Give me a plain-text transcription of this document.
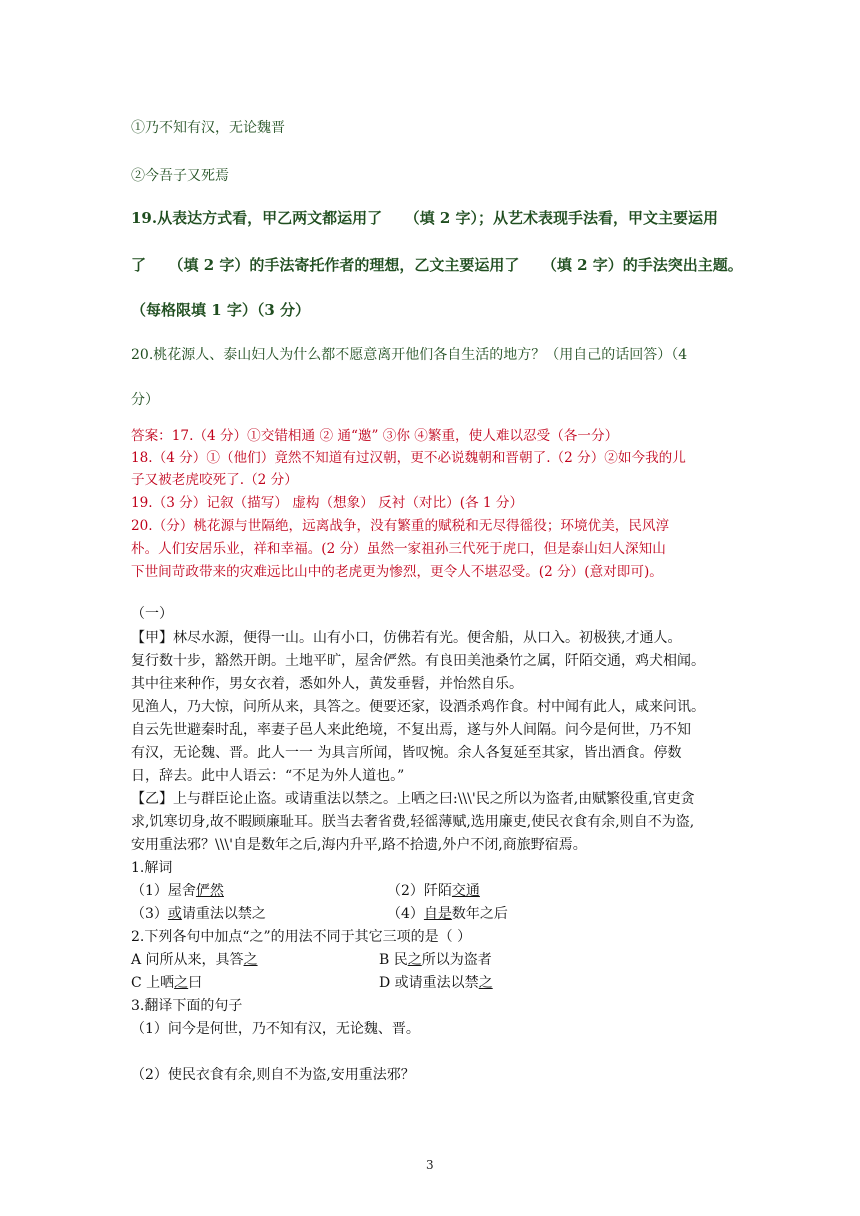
①乃不知有汉，无论魏晋
②今吾子又死焉
19.从表达方式看，甲乙两文都运用了　　（填 2 字）；从艺术表现手法看，甲文主要运用
了　　（填 2 字）的手法寄托作者的理想，乙文主要运用了　　（填 2 字）的手法突出主题。
（每格限填 1 字）（3 分）
20.桃花源人、泰山妇人为什么都不愿意离开他们各自生活的地方？（用自己的话回答）（4
分）
答案：17.（4 分）①交错相通 ② 通“邀” ③你 ④繁重，使人难以忍受（各一分）
18.（4 分）①（他们）竟然不知道有过汉朝，更不必说魏朝和晋朝了.（2 分）②如今我的儿
子又被老虎咬死了.（2 分）
19.（3 分）记叙（描写） 虚构（想象） 反衬（对比）(各 1 分）
20.（分）桃花源与世隔绝，远离战争，没有繁重的赋税和无尽得徭役；环境优美，民风淳
朴。人们安居乐业，祥和幸福。(2 分）虽然一家祖孙三代死于虎口，但是泰山妇人深知山
下世间苛政带来的灾难远比山中的老虎更为惨烈，更令人不堪忍受。(2 分）(意对即可)。
（一）
【甲】林尽水源，便得一山。山有小口，仿佛若有光。便舍船，从口入。初极狭,才通人。
复行数十步，豁然开朗。土地平旷，屋舍俨然。有良田美池桑竹之属，阡陌交通，鸡犬相闻。
其中往来种作，男女衣着，悉如外人，黄发垂髫，并怡然自乐。
见渔人，乃大惊，问所从来，具答之。便要还家，设酒杀鸡作食。村中闻有此人，咸来问讯。
自云先世避秦时乱，率妻子邑人来此绝境，不复出焉，遂与外人间隔。问今是何世，乃不知
有汉，无论魏、晋。此人一一 为具言所闻，皆叹惋。余人各复延至其家，皆出酒食。停数
日，辞去。此中人语云：“不足为外人道也。”
【乙】上与群臣论止盗。或请重法以禁之。上哂之曰:\\\'民之所以为盗者,由赋繁役重,官吏贪
求,饥寒切身,故不暇顾廉耻耳。朕当去奢省费,轻徭薄赋,选用廉吏,使民衣食有余,则自不为盗,
安用重法邪？\\\'自是数年之后,海内升平,路不拾遗,外户不闭,商旅野宿焉。
1.解词
（1）屋舍俨然	（2）阡陌交通
（3）或请重法以禁之	（4）自是数年之后
2.下列各句中加点“之”的用法不同于其它三项的是（ ）
A 问所从来，具答之	B 民之所以为盗者
C 上哂之曰	D 或请重法以禁之
3.翻译下面的句子
（1）问今是何世，乃不知有汉，无论魏、晋。
（2）使民衣食有余,则自不为盗,安用重法邪？
3
